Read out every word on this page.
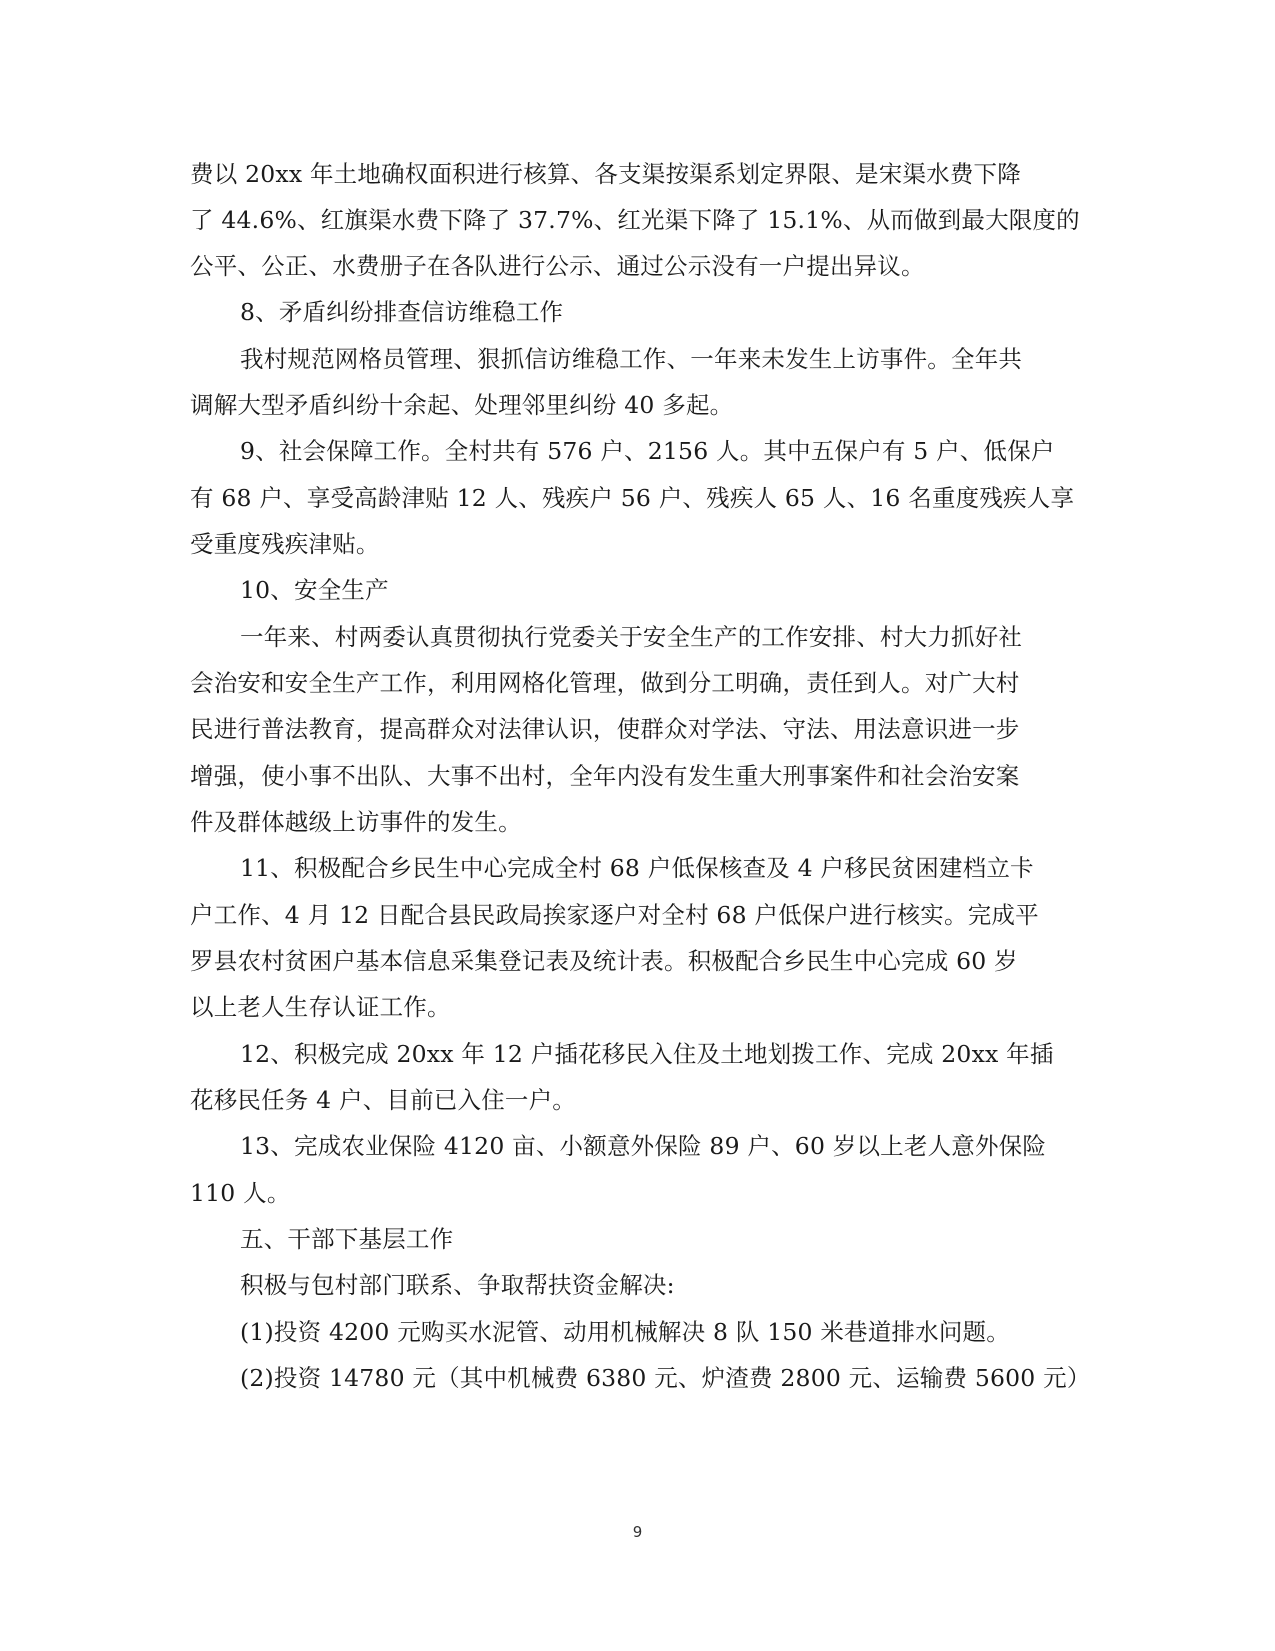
费以 20xx 年土地确权面积进行核算、各支渠按渠系划定界限、是宋渠水费下降
了 44.6%、红旗渠水费下降了 37.7%、红光渠下降了 15.1%、从而做到最大限度的
公平、公正、水费册子在各队进行公示、通过公示没有一户提出异议。
8、矛盾纠纷排查信访维稳工作
我村规范网格员管理、狠抓信访维稳工作、一年来未发生上访事件。全年共
调解大型矛盾纠纷十余起、处理邻里纠纷 40 多起。
9、社会保障工作。全村共有 576 户、2156 人。其中五保户有 5 户、低保户
有 68 户、享受高龄津贴 12 人、残疾户 56 户、残疾人 65 人、16 名重度残疾人享
受重度残疾津贴。
10、安全生产
一年来、村两委认真贯彻执行党委关于安全生产的工作安排、村大力抓好社
会治安和安全生产工作，利用网格化管理，做到分工明确，责任到人。对广大村
民进行普法教育，提高群众对法律认识，使群众对学法、守法、用法意识进一步
增强，使小事不出队、大事不出村，全年内没有发生重大刑事案件和社会治安案
件及群体越级上访事件的发生。
11、积极配合乡民生中心完成全村 68 户低保核查及 4 户移民贫困建档立卡
户工作、4 月 12 日配合县民政局挨家逐户对全村 68 户低保户进行核实。完成平
罗县农村贫困户基本信息采集登记表及统计表。积极配合乡民生中心完成 60 岁
以上老人生存认证工作。
12、积极完成 20xx 年 12 户插花移民入住及土地划拨工作、完成 20xx 年插
花移民任务 4 户、目前已入住一户。
13、完成农业保险 4120 亩、小额意外保险 89 户、60 岁以上老人意外保险
110 人。
五、干部下基层工作
积极与包村部门联系、争取帮扶资金解决:
(1)投资 4200 元购买水泥管、动用机械解决 8 队 150 米巷道排水问题。
(2)投资 14780 元（其中机械费 6380 元、炉渣费 2800 元、运输费 5600 元）
9
